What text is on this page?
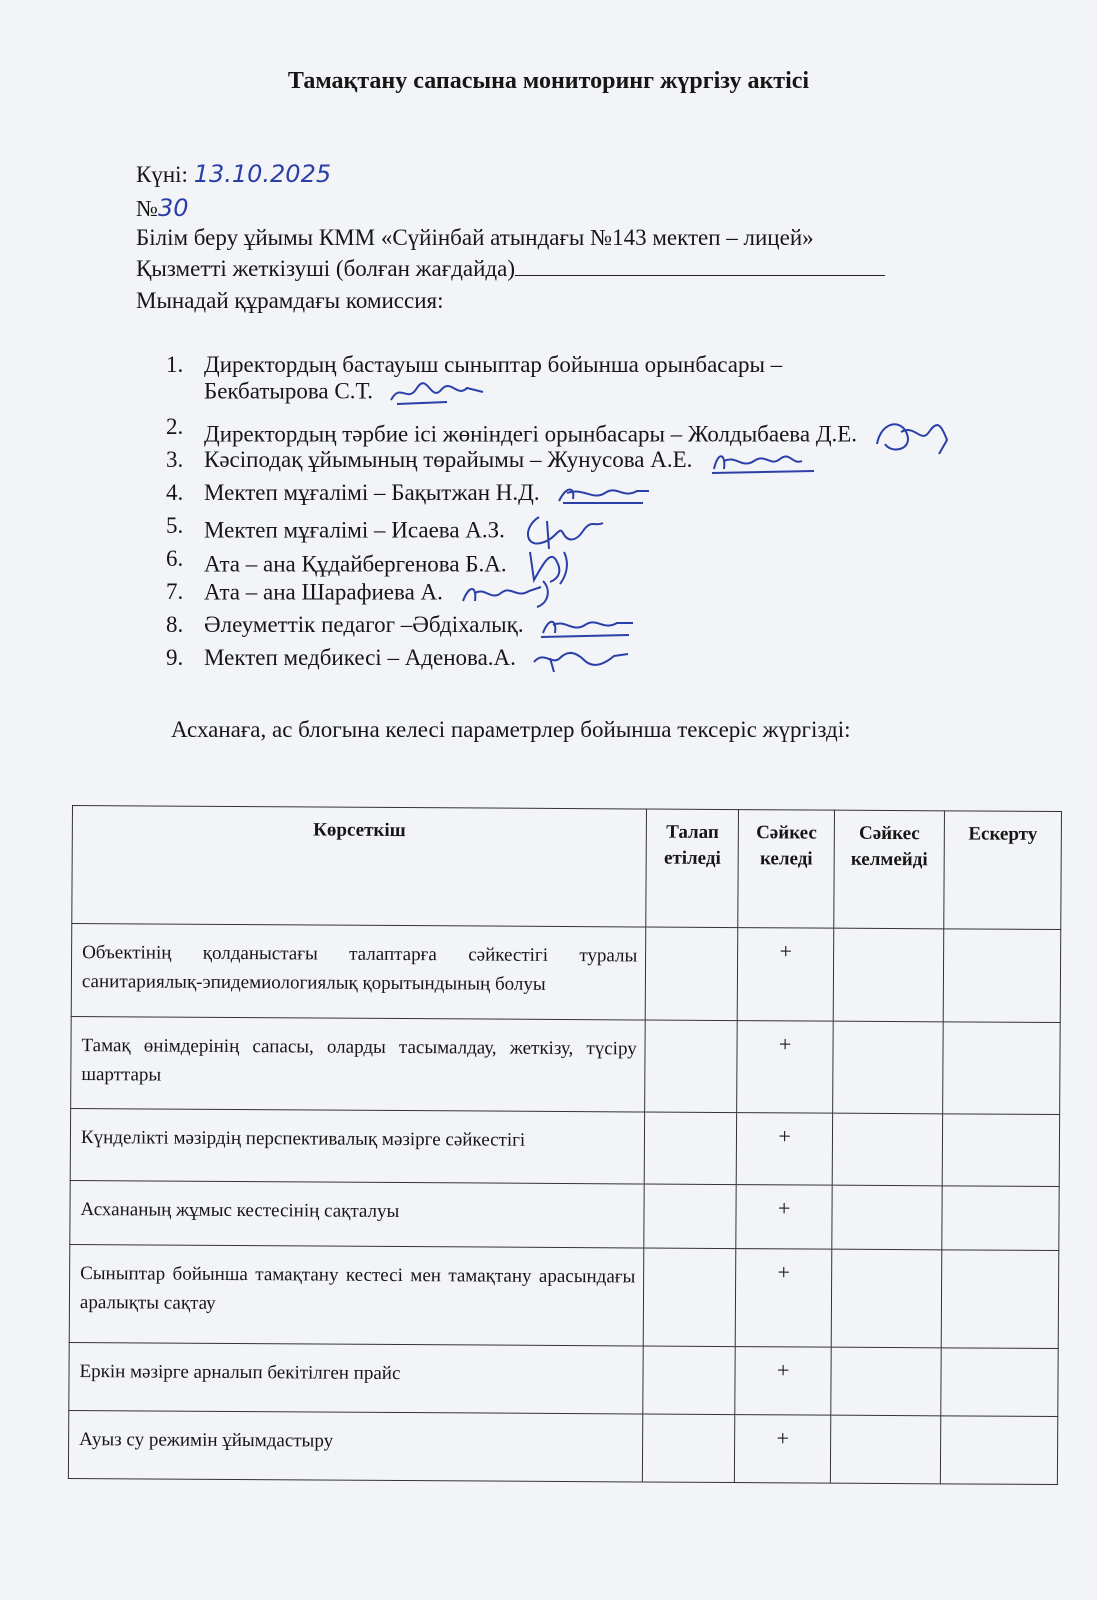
Тамақтану сапасына мониторинг жүргізу актісі
Күні: 13.10.2025
№30
Білім беру ұйымы КММ «Сүйінбай атындағы №143 мектеп – лицей»
Қызметті жеткізуші (болған жағдайда)
Мынадай құрамдағы комиссия:
1. Директордың бастауыш сыныптар бойынша орынбасары –
Бекбатырова С.Т.
2. Директордың тәрбие ісі жөніндегі орынбасары – Жолдыбаева Д.Е.
3. Кәсіподақ ұйымының төрайымы – Жунусова А.Е.
4. Мектеп мұғалімі – Бақытжан Н.Д.
5. Мектеп мұғалімі – Исаева А.З.
6. Ата – ана Құдайбергенова Б.А.
7. Ата – ана Шарафиева А.
8. Әлеуметтік педагог –Әбдіхалық.
9. Мектеп медбикесі – Аденова.А.
Асханаға, ас блогына келесі параметрлер бойынша тексеріс жүргізді:
Көрсеткіш	Талап етіледі	Сәйкес келеді	Сәйкес келмейді	Ескерту
Объектінің қолданыстағы талаптарға сәйкестігі туралы санитариялық-эпидемиологиялық қорытындының болуы		+		
Тамақ өнімдерінің сапасы, оларды тасымалдау, жеткізу, түсіру шарттары		+		
Күнделікті мәзірдің перспективалық мәзірге сәйкестігі		+		
Асхананың жұмыс кестесінің сақталуы		+		
Сыныптар бойынша тамақтану кестесі мен тамақтану арасындағы аралықты сақтау		+		
Еркін мәзірге арналып бекітілген прайс		+		
Ауыз су режимін ұйымдастыру		+		
